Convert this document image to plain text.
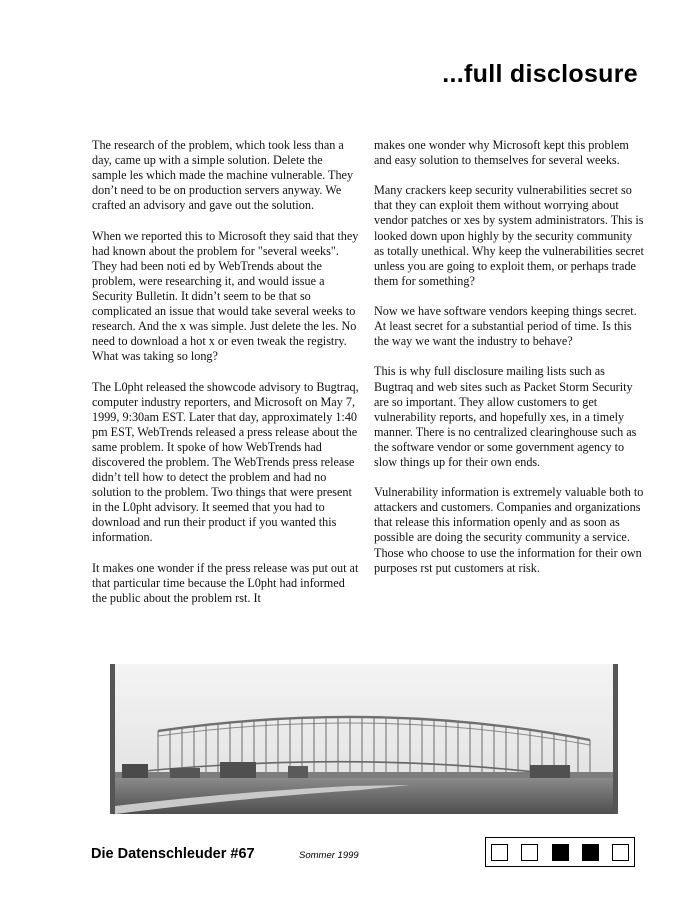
...full disclosure

The research of the problem, which took less than a day, came up with a simple solution. Delete the sample les which made the machine vulnerable. They don’t need to be on production servers anyway. We crafted an advisory and gave out the solution.

When we reported this to Microsoft they said that they had known about the problem for "several weeks". They had been noti ed by WebTrends about the problem, were researching it, and would issue a Security Bulletin. It didn’t seem to be that so complicated an issue that would take several weeks to research. And the x was simple. Just delete the les. No need to download a hot x or even tweak the registry. What was taking so long?

The L0pht released the showcode advisory to Bugtraq, computer industry reporters, and Microsoft on May 7, 1999, 9:30am EST. Later that day, approximately 1:40 pm EST, WebTrends released a press release about the same problem. It spoke of how WebTrends had discovered the problem. The WebTrends press release didn’t tell how to detect the problem and had no solution to the problem. Two things that were present in the L0pht advisory. It seemed that you had to download and run their product if you wanted this information.

It makes one wonder if the press release was put out at that particular time because the L0pht had informed the public about the problem rst. It

makes one wonder why Microsoft kept this problem and easy solution to themselves for several weeks.

Many crackers keep security vulnerabilities secret so that they can exploit them without worrying about vendor patches or xes by system administrators. This is looked down upon highly by the security community as totally unethical. Why keep the vulnerabilities secret unless you are going to exploit them, or perhaps trade them for something?

Now we have software vendors keeping things secret. At least secret for a substantial period of time. Is this the way we want the industry to behave?

This is why full disclosure mailing lists such as Bugtraq and web sites such as Packet Storm Security are so important. They allow customers to get vulnerability reports, and hopefully xes, in a timely manner. There is no centralized clearinghouse such as the software vendor or some government agency to slow things up for their own ends.

Vulnerability information is extremely valuable both to attackers and customers. Companies and organizations that release this information openly and as soon as possible are doing the security community a service. Those who choose to use the information for their own purposes rst put customers at risk.

Die Datenschleuder #67	Sommer 1999
